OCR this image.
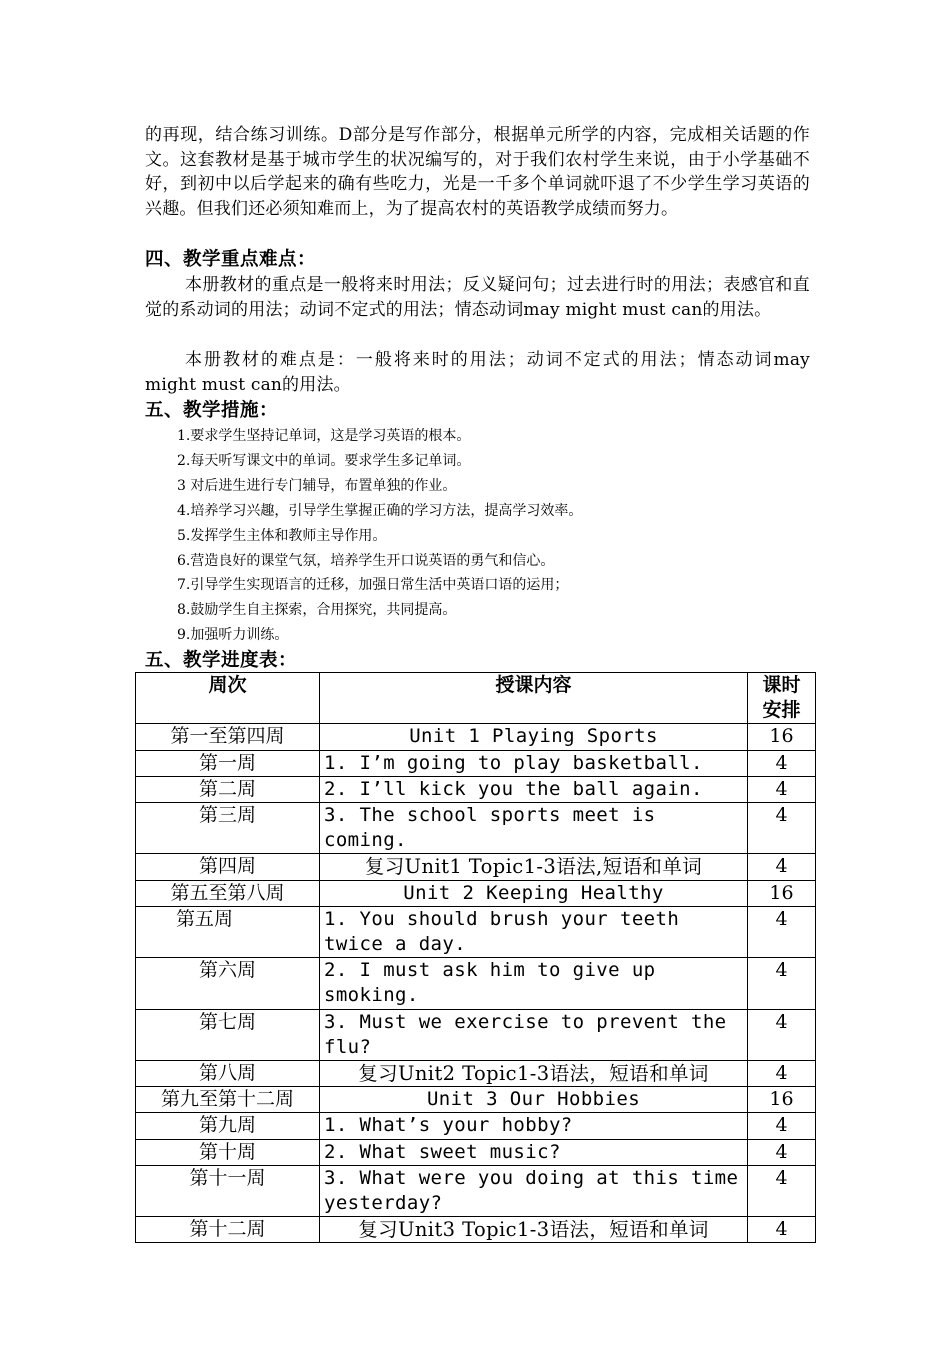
的再现，结合练习训练。D部分是写作部分，根据单元所学的内容，完成相关话题的作文。这套教材是基于城市学生的状况编写的，对于我们农村学生来说，由于小学基础不好，到初中以后学起来的确有些吃力，光是一千多个单词就吓退了不少学生学习英语的兴趣。但我们还必须知难而上，为了提高农村的英语教学成绩而努力。
四、教学重点难点：
本册教材的重点是一般将来时用法；反义疑问句；过去进行时的用法；表感官和直觉的系动词的用法；动词不定式的用法；情态动词may might must can的用法。
本册教材的难点是：一般将来时的用法；动词不定式的用法；情态动词may might must can的用法。
五、教学措施：
1.要求学生坚持记单词，这是学习英语的根本。
2.每天听写课文中的单词。要求学生多记单词。
3 对后进生进行专门辅导，布置单独的作业。
4.培养学习兴趣，引导学生掌握正确的学习方法，提高学习效率。
5.发挥学生主体和教师主导作用。
6.营造良好的课堂气氛，培养学生开口说英语的勇气和信心。
7.引导学生实现语言的迁移，加强日常生活中英语口语的运用；
8.鼓励学生自主探索，合用探究，共同提高。
9.加强听力训练。
五、教学进度表：
周次	授课内容	课时安排
第一至第四周	Unit 1 Playing Sports	16
第一周	1. I’m going to play basketball.	4
第二周	2. I’ll kick you the ball again.	4
第三周	3. The school sports meet is coming.	4
第四周	复习Unit1 Topic1-3语法,短语和单词	4
第五至第八周	Unit 2 Keeping Healthy	16
第五周	1. You should brush your teeth twice a day.	4
第六周	2. I must ask him to give up smoking.	4
第七周	3. Must we exercise to prevent the flu?	4
第八周	复习Unit2 Topic1-3语法，短语和单词	4
第九至第十二周	Unit 3 Our Hobbies	16
第九周	1. What’s your hobby?	4
第十周	2. What sweet music?	4
第十一周	3. What were you doing at this time yesterday?	4
第十二周	复习Unit3 Topic1-3语法，短语和单词	4
